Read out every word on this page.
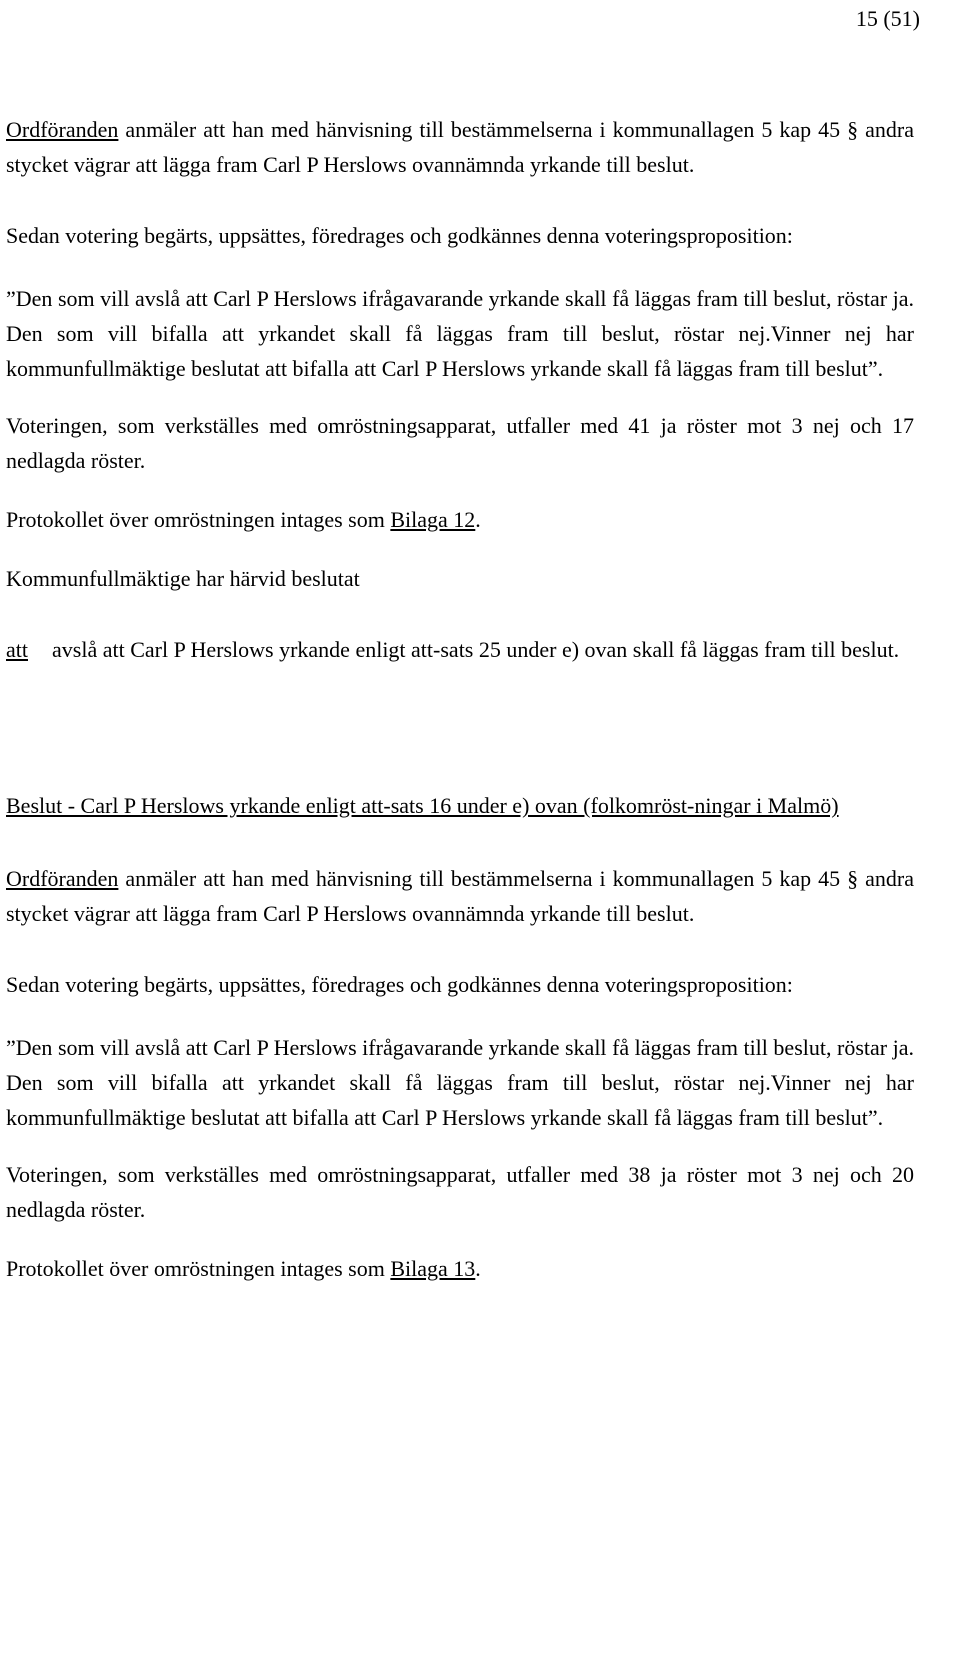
15 (51)

Ordföranden anmäler att han med hänvisning till bestämmelserna i kommunallagen 5 kap 45 § andra stycket vägrar att lägga fram Carl P Herslows ovannämnda yrkande till beslut.

Sedan votering begärts, uppsättes, föredrages och godkännes denna voteringsproposition:

”Den som vill avslå att Carl P Herslows ifrågavarande yrkande skall få läggas fram till beslut, röstar ja. Den som vill bifalla att yrkandet skall få läggas fram till beslut, röstar nej.Vinner nej har kommunfullmäktige beslutat att bifalla att Carl P Herslows yrkande skall få läggas fram till beslut”.

Voteringen, som verkställes med omröstningsapparat, utfaller med 41 ja röster mot 3 nej och 17 nedlagda röster.

Protokollet över omröstningen intages som Bilaga 12.

Kommunfullmäktige har härvid beslutat

att	avslå att Carl P Herslows yrkande enligt att-sats 25 under e) ovan skall få läggas fram till beslut.

Beslut - Carl P Herslows yrkande enligt att-sats 16 under e) ovan (folkomröst-ningar i Malmö)

Ordföranden anmäler att han med hänvisning till bestämmelserna i kommunallagen 5 kap 45 § andra stycket vägrar att lägga fram Carl P Herslows ovannämnda yrkande till beslut.

Sedan votering begärts, uppsättes, föredrages och godkännes denna voteringsproposition:

”Den som vill avslå att Carl P Herslows ifrågavarande yrkande skall få läggas fram till beslut, röstar ja. Den som vill bifalla att yrkandet skall få läggas fram till beslut, röstar nej.Vinner nej har kommunfullmäktige beslutat att bifalla att Carl P Herslows yrkande skall få läggas fram till beslut”.

Voteringen, som verkställes med omröstningsapparat, utfaller med 38 ja röster mot 3 nej och 20 nedlagda röster.

Protokollet över omröstningen intages som Bilaga 13.
